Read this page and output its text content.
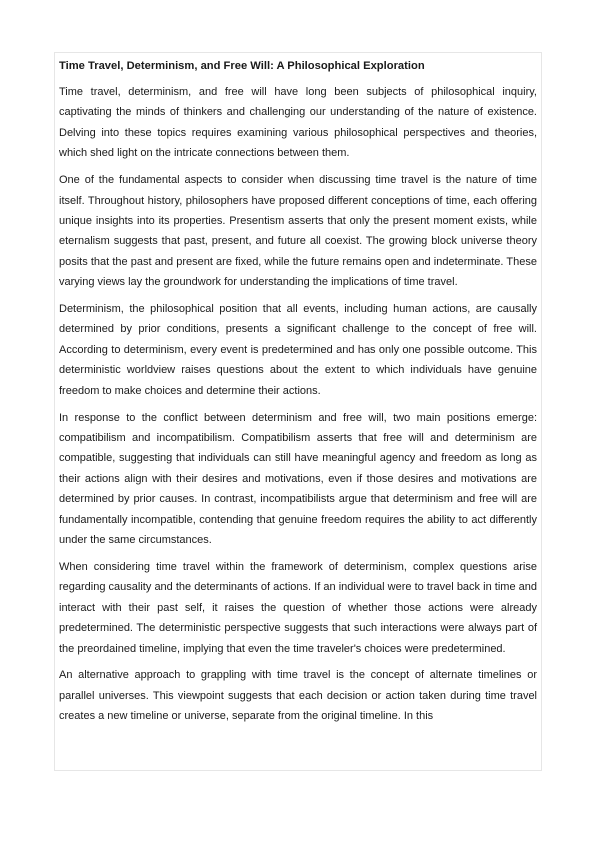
Time Travel, Determinism, and Free Will: A Philosophical Exploration

Time travel, determinism, and free will have long been subjects of philosophical inquiry, captivating the minds of thinkers and challenging our understanding of the nature of existence. Delving into these topics requires examining various philosophical perspectives and theories, which shed light on the intricate connections between them.

One of the fundamental aspects to consider when discussing time travel is the nature of time itself. Throughout history, philosophers have proposed different conceptions of time, each offering unique insights into its properties. Presentism asserts that only the present moment exists, while eternalism suggests that past, present, and future all coexist. The growing block universe theory posits that the past and present are fixed, while the future remains open and indeterminate. These varying views lay the groundwork for understanding the implications of time travel.

Determinism, the philosophical position that all events, including human actions, are causally determined by prior conditions, presents a significant challenge to the concept of free will. According to determinism, every event is predetermined and has only one possible outcome. This deterministic worldview raises questions about the extent to which individuals have genuine freedom to make choices and determine their actions.

In response to the conflict between determinism and free will, two main positions emerge: compatibilism and incompatibilism. Compatibilism asserts that free will and determinism are compatible, suggesting that individuals can still have meaningful agency and freedom as long as their actions align with their desires and motivations, even if those desires and motivations are determined by prior causes. In contrast, incompatibilists argue that determinism and free will are fundamentally incompatible, contending that genuine freedom requires the ability to act differently under the same circumstances.

When considering time travel within the framework of determinism, complex questions arise regarding causality and the determinants of actions. If an individual were to travel back in time and interact with their past self, it raises the question of whether those actions were already predetermined. The deterministic perspective suggests that such interactions were always part of the preordained timeline, implying that even the time traveler's choices were predetermined.

An alternative approach to grappling with time travel is the concept of alternate timelines or parallel universes. This viewpoint suggests that each decision or action taken during time travel creates a new timeline or universe, separate from the original timeline. In this
